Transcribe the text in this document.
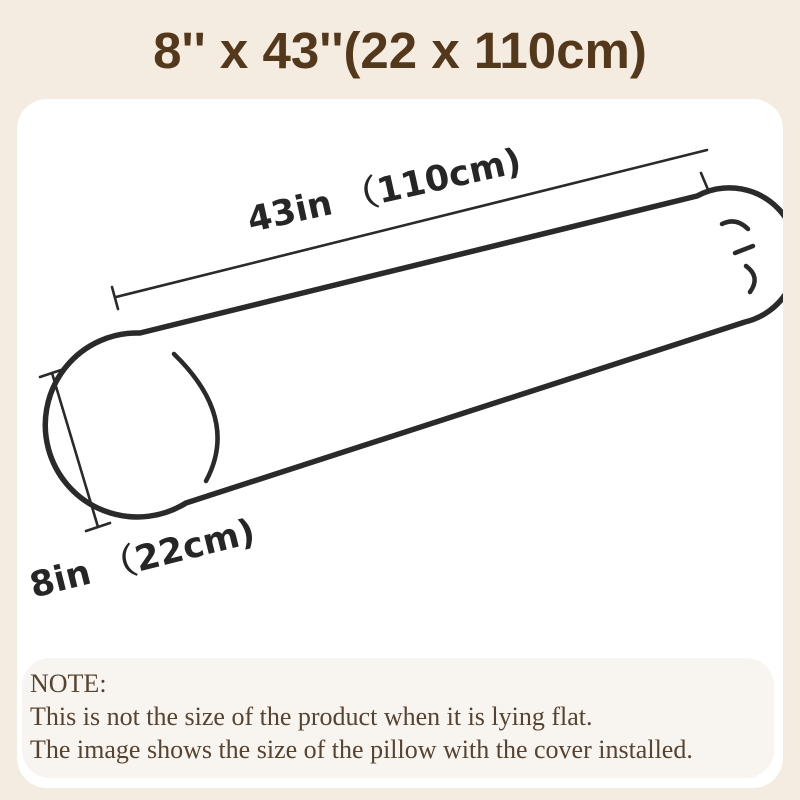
8'' x 43''(22 x 110cm)
43in （110cm)
8in （22cm)
NOTE:
This is not the size of the product when it is lying flat.
The image shows the size of the pillow with the cover installed.
